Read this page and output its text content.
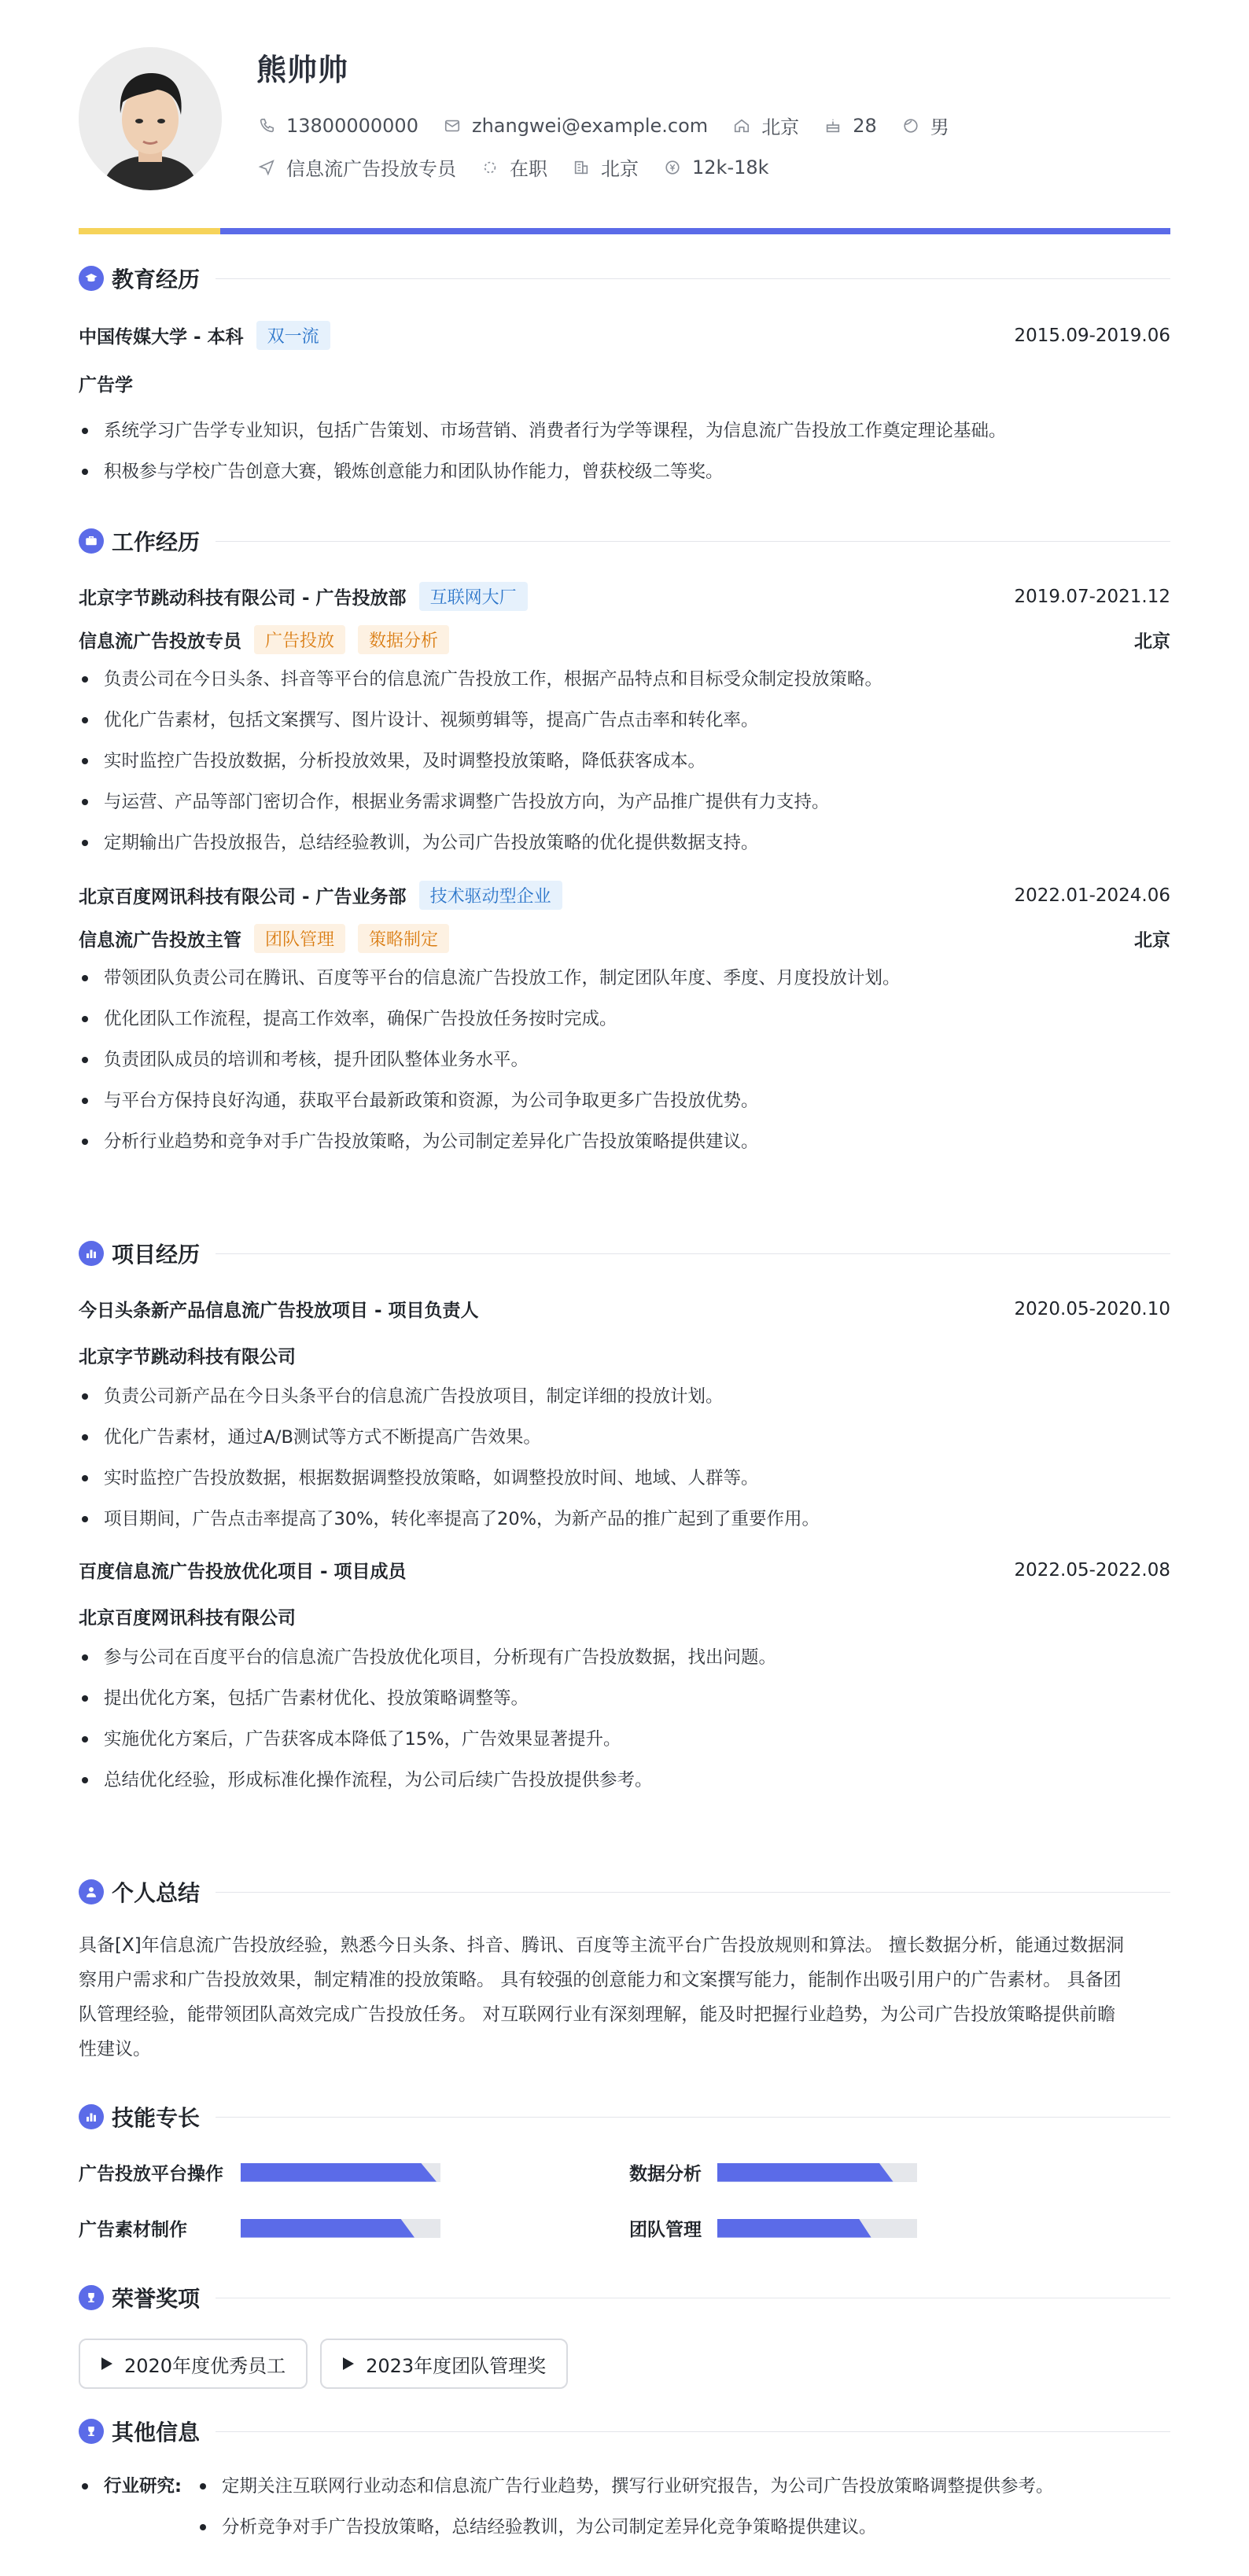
熊帅帅
13800000000	zhangwei@example.com	北京	28	男
信息流广告投放专员	在职	北京	12k-18k
教育经历
中国传媒大学 - 本科	双一流	2015.09-2019.06
广告学
系统学习广告学专业知识，包括广告策划、市场营销、消费者行为学等课程，为信息流广告投放工作奠定理论基础。
积极参与学校广告创意大赛，锻炼创意能力和团队协作能力，曾获校级二等奖。
工作经历
北京字节跳动科技有限公司 - 广告投放部	互联网大厂	2019.07-2021.12
信息流广告投放专员	广告投放	数据分析	北京
负责公司在今日头条、抖音等平台的信息流广告投放工作，根据产品特点和目标受众制定投放策略。
优化广告素材，包括文案撰写、图片设计、视频剪辑等，提高广告点击率和转化率。
实时监控广告投放数据，分析投放效果，及时调整投放策略，降低获客成本。
与运营、产品等部门密切合作，根据业务需求调整广告投放方向，为产品推广提供有力支持。
定期输出广告投放报告，总结经验教训，为公司广告投放策略的优化提供数据支持。
北京百度网讯科技有限公司 - 广告业务部	技术驱动型企业	2022.01-2024.06
信息流广告投放主管	团队管理	策略制定	北京
带领团队负责公司在腾讯、百度等平台的信息流广告投放工作，制定团队年度、季度、月度投放计划。
优化团队工作流程，提高工作效率，确保广告投放任务按时完成。
负责团队成员的培训和考核，提升团队整体业务水平。
与平台方保持良好沟通，获取平台最新政策和资源，为公司争取更多广告投放优势。
分析行业趋势和竞争对手广告投放策略，为公司制定差异化广告投放策略提供建议。
项目经历
今日头条新产品信息流广告投放项目 - 项目负责人	2020.05-2020.10
北京字节跳动科技有限公司
负责公司新产品在今日头条平台的信息流广告投放项目，制定详细的投放计划。
优化广告素材，通过A/B测试等方式不断提高广告效果。
实时监控广告投放数据，根据数据调整投放策略，如调整投放时间、地域、人群等。
项目期间，广告点击率提高了30%，转化率提高了20%，为新产品的推广起到了重要作用。
百度信息流广告投放优化项目 - 项目成员	2022.05-2022.08
北京百度网讯科技有限公司
参与公司在百度平台的信息流广告投放优化项目，分析现有广告投放数据，找出问题。
提出优化方案，包括广告素材优化、投放策略调整等。
实施优化方案后，广告获客成本降低了15%，广告效果显著提升。
总结优化经验，形成标准化操作流程，为公司后续广告投放提供参考。
个人总结
具备[X]年信息流广告投放经验，熟悉今日头条、抖音、腾讯、百度等主流平台广告投放规则和算法。 擅长数据分析，能通过数据洞
察用户需求和广告投放效果，制定精准的投放策略。 具有较强的创意能力和文案撰写能力，能制作出吸引用户的广告素材。 具备团
队管理经验，能带领团队高效完成广告投放任务。 对互联网行业有深刻理解，能及时把握行业趋势，为公司广告投放策略提供前瞻
性建议。
技能专长
广告投放平台操作	数据分析
广告素材制作	团队管理
荣誉奖项
2020年度优秀员工	2023年度团队管理奖
其他信息
行业研究:	定期关注互联网行业动态和信息流广告行业趋势，撰写行业研究报告，为公司广告投放策略调整提供参考。
分析竞争对手广告投放策略，总结经验教训，为公司制定差异化竞争策略提供建议。
